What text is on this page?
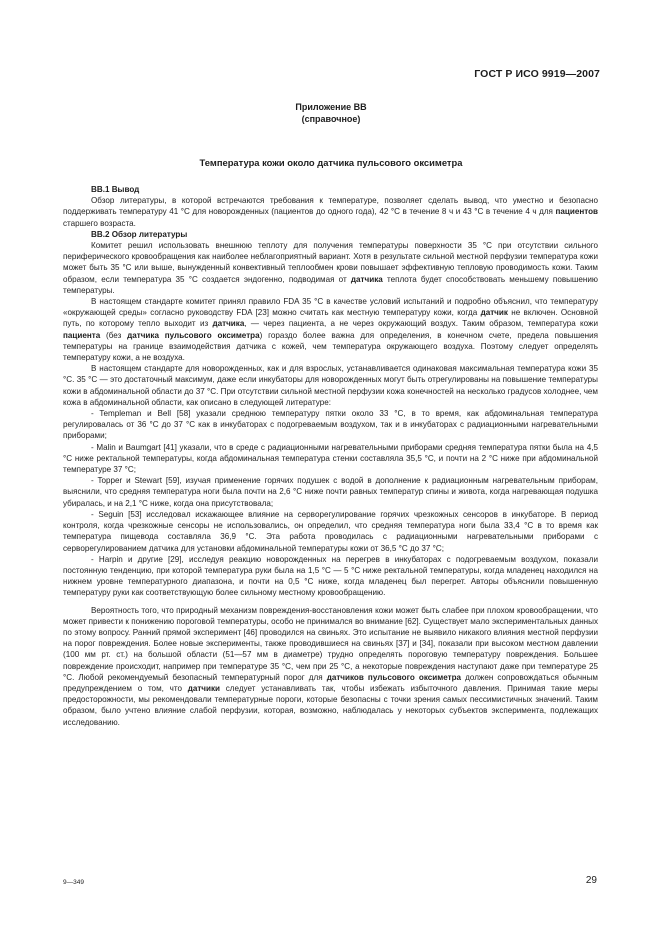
ГОСТ Р ИСО 9919—2007
Приложение ВВ
(справочное)
Температура кожи около датчика пульсового оксиметра

ВВ.1 Вывод

Обзор литературы, в которой встречаются требования к температуре, позволяет сделать вывод, что уместно и безопасно поддерживать температуру 41 °С для новорожденных (пациентов до одного года), 42 °С в течение 8 ч и 43 °С в течение 4 ч для пациентов старшего возраста.

ВВ.2 Обзор литературы

Комитет решил использовать внешнюю теплоту для получения температуры поверхности 35 °С при отсутствии сильного периферического кровообращения как наиболее неблагоприятный вариант. Хотя в результате сильной местной перфузии температура кожи может быть 35 °С или выше, вынужденный конвективный теплообмен крови повышает эффективную тепловую проводимость кожи. Таким образом, если температура 35 °С создается эндогенно, подводимая от датчика теплота будет способствовать меньшему повышению температуры.

В настоящем стандарте комитет принял правило FDA 35 °С в качестве условий испытаний и подробно объяснил, что температуру «окружающей среды» согласно руководству FDA [23] можно считать как местную температуру кожи, когда датчик не включен. Основной путь, по которому тепло выходит из датчика, — через пациента, а не через окружающий воздух. Таким образом, температура кожи пациента (без датчика пульсового оксиметра) гораздо более важна для определения, в конечном счете, предела повышения температуры на границе взаимодействия датчика с кожей, чем температура окружающего воздуха. Поэтому следует определять температуру кожи, а не воздуха.

В настоящем стандарте для новорожденных, как и для взрослых, устанавливается одинаковая максимальная температура кожи 35 °С. 35 °С — это достаточный максимум, даже если инкубаторы для новорожденных могут быть отрегулированы на повышение температуры кожи в абдоминальной области до 37 °С. При отсутствии сильной местной перфузии кожа конечностей на несколько градусов холоднее, чем кожа в абдоминальной области, как описано в следующей литературе:

- Templeman и Bell [58] указали среднюю температуру пятки около 33 °С, в то время, как абдоминальная температура регулировалась от 36 °С до 37 °С как в инкубаторах с подогреваемым воздухом, так и в инкубаторах с радиационными нагревательными приборами;

- Malin и Baumgart [41] указали, что в среде с радиационными нагревательными приборами средняя температура пятки была на 4,5 °С ниже ректальной температуры, когда абдоминальная температура стенки составляла 35,5 °С, и почти на 2 °С ниже при абдоминальной температуре 37 °С;

- Topper и Stewart [59], изучая применение горячих подушек с водой в дополнение к радиационным нагревательным приборам, выяснили, что средняя температура ноги была почти на 2,6 °С ниже почти равных температур спины и живота, когда нагревающая подушка убиралась, и на 2,1 °С ниже, когда она присутствовала;

- Seguin [53] исследовал искажающее влияние на сервoрегулирование горячих чрезкожных сенсоров в инкубаторе. В период контроля, когда чрезкожные сенсоры не использовались, он определил, что средняя температура ноги была 33,4 °С в то время как температура пищевода составляла 36,9 °С. Эта работа проводилась с радиационными нагревательными приборами с сервoрегулированием датчика для установки абдоминальной температуры кожи от 36,5 °С до 37 °С;

- Harpin и другие [29], исследуя реакцию новорожденных на перегрев в инкубаторах с подогреваемым воздухом, показали постоянную тенденцию, при которой температура руки была на 1,5 °С — 5 °С ниже ректальной температуры, когда младенец находился на нижнем уровне температурного диапазона, и почти на 0,5 °С ниже, когда младенец был перегрет. Авторы объяснили повышенную температуру руки как соответствующую более сильному местному кровообращению.

Вероятность того, что природный механизм повреждения-восстановления кожи может быть слабее при плохом кровообращении, что может привести к понижению пороговой температуры, особо не принимался во внимание [62]. Существует мало экспериментальных данных по этому вопросу. Ранний прямой эксперимент [46] проводился на свиньях. Это испытание не выявило никакого влияния местной перфузии на порог повреждения. Более новые эксперименты, также проводившиеся на свиньях [37] и [34], показали при высоком местном давлении (100 мм рт. ст.) на большой области (51—57 мм в диаметре) трудно определять пороговую температуру повреждения. Большее повреждение происходит, например при температуре 35 °С, чем при 25 °С, а некоторые повреждения наступают даже при температуре 25 °С. Любой рекомендуемый безопасный температурный порог для датчиков пульсового оксиметра должен сопровождаться обычным предупреждением о том, что датчики следует устанавливать так, чтобы избежать избыточного давления. Принимая такие меры предосторожности, мы рекомендовали температурные пороги, которые безопасны с точки зрения самых пессимистичных значений. Таким образом, было учтено влияние слабой перфузии, которая, возможно, наблюдалась у некоторых субъектов эксперимента, подлежащих исследованию.

9—349	29
